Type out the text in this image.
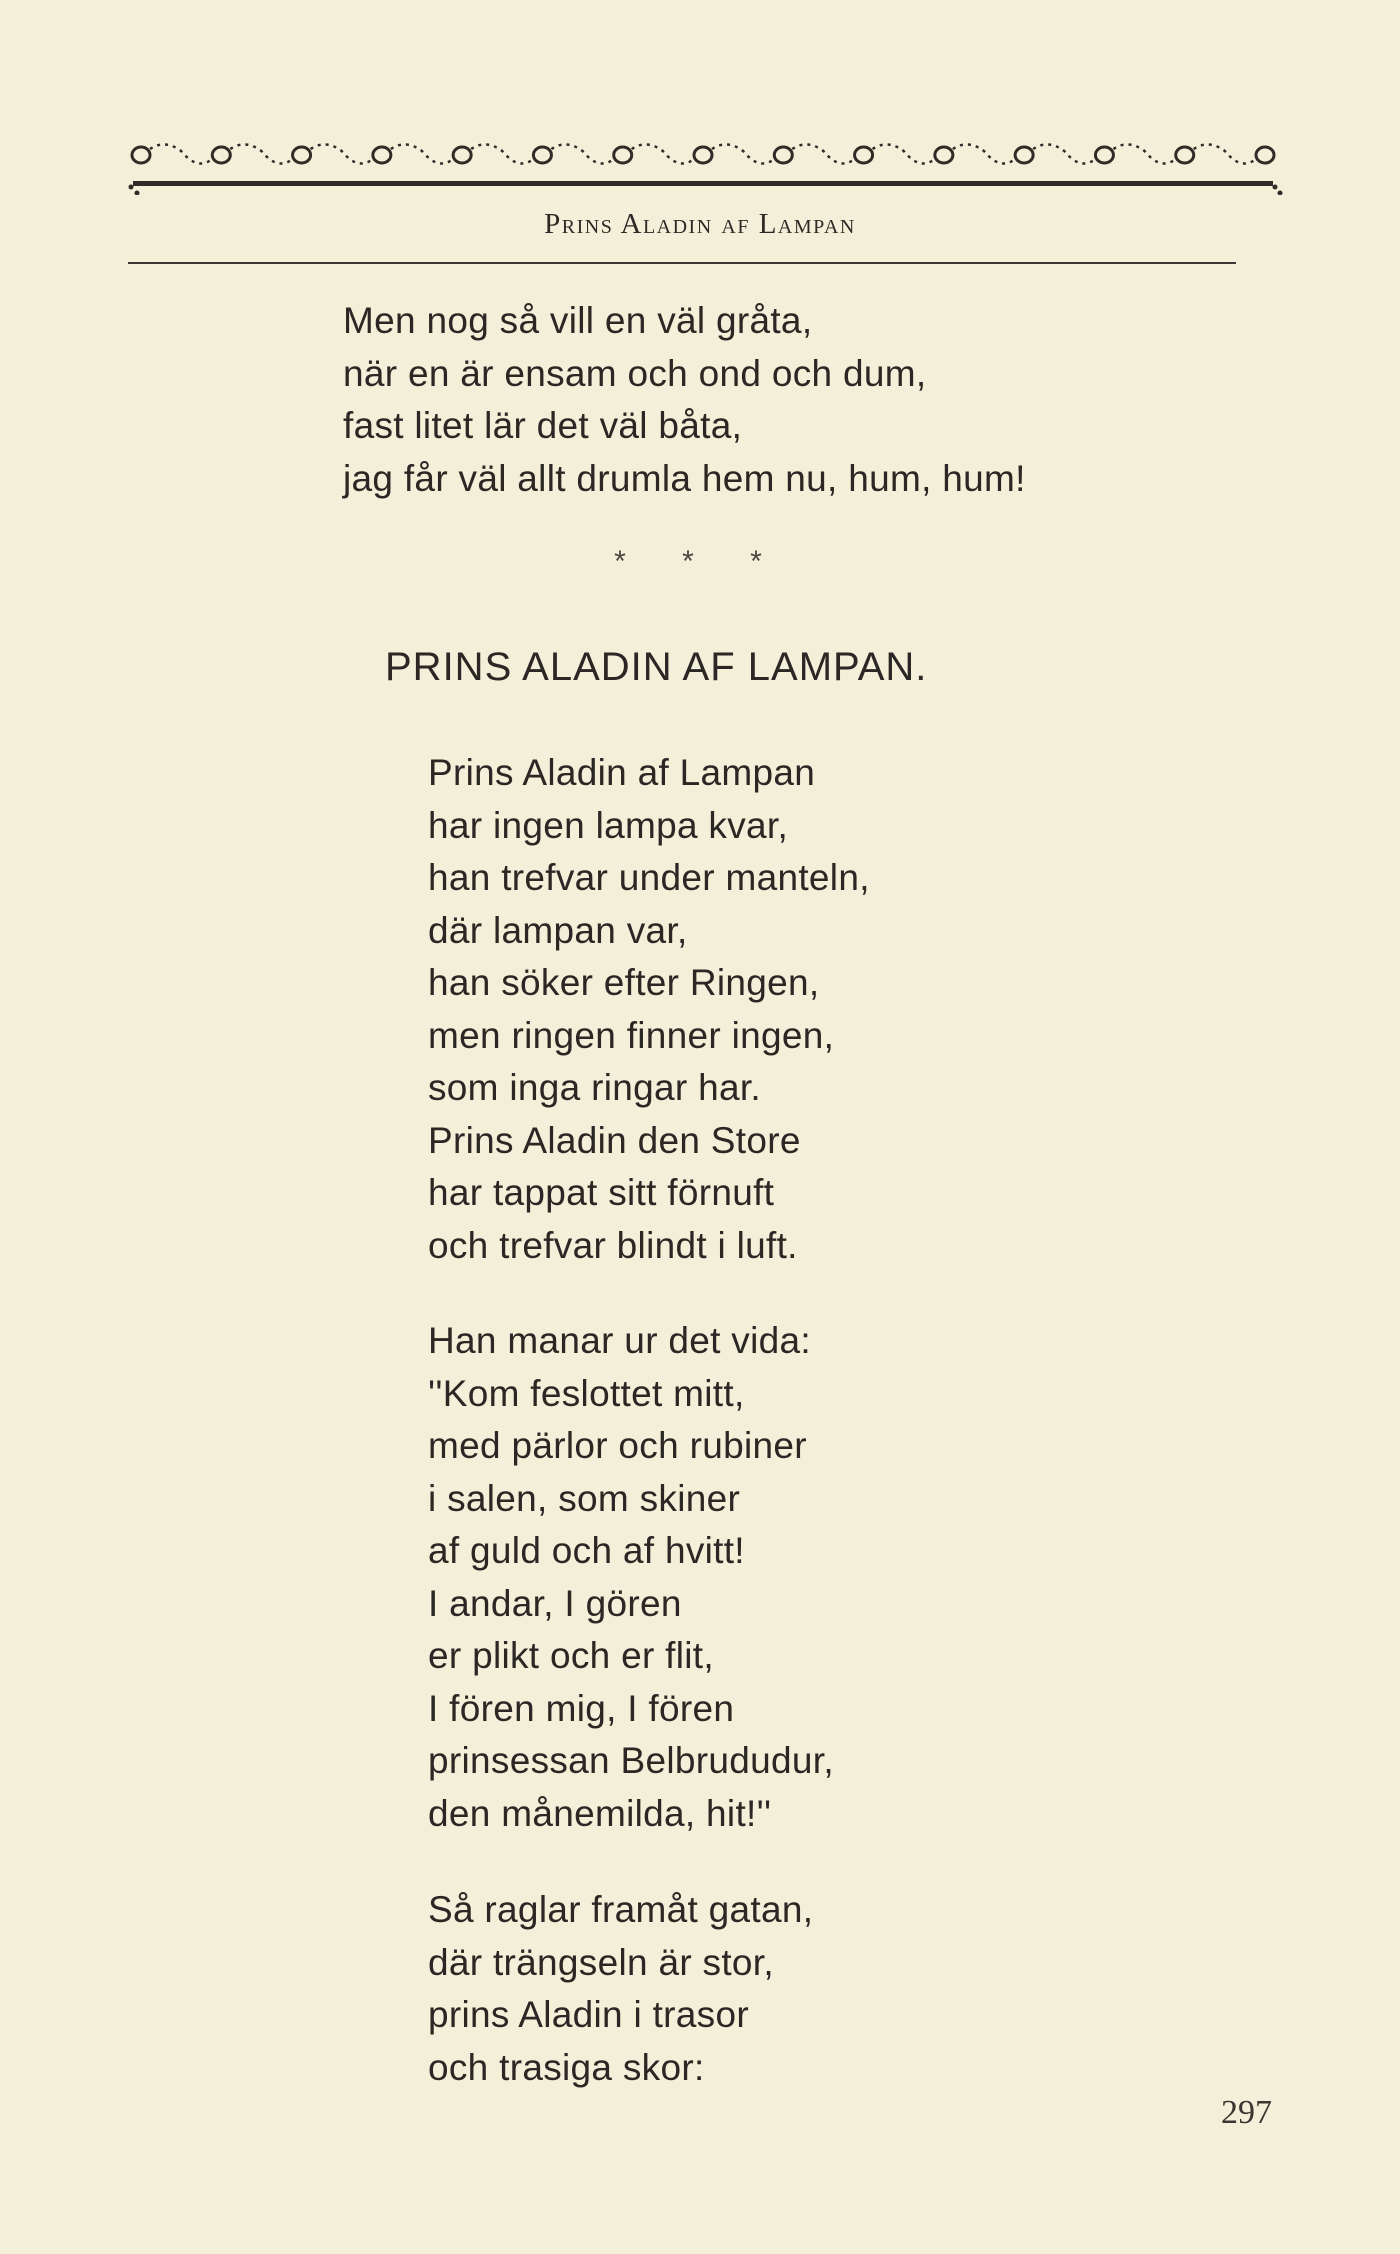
Prins Aladin af Lampan
Men nog så vill en väl gråta,
när en är ensam och ond och dum,
fast litet lär det väl båta,
jag får väl allt drumla hem nu, hum, hum!
* * *
PRINS ALADIN AF LAMPAN.
Prins Aladin af Lampan
har ingen lampa kvar,
han trefvar under manteln,
där lampan var,
han söker efter Ringen,
men ringen finner ingen,
som inga ringar har.
Prins Aladin den Store
har tappat sitt förnuft
och trefvar blindt i luft.
Han manar ur det vida:
''Kom feslottet mitt,
med pärlor och rubiner
i salen, som skiner
af guld och af hvitt!
I andar, I gören
er plikt och er flit,
I fören mig, I fören
prinsessan Belbrududur,
den månemilda, hit!''
Så raglar framåt gatan,
där trängseln är stor,
prins Aladin i trasor
och trasiga skor:
297
